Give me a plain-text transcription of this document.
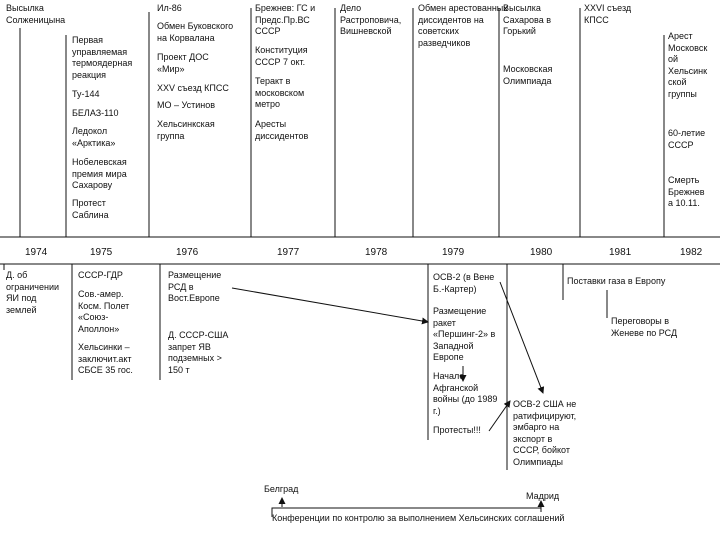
1974	1975	1976	1977	1978	1979	1980	1981	1982
Высылка
Солженицына
Первая
управляемая
термоядерная
реакция
Ту-144
БЕЛАЗ-110
Ледокол
«Арктика»
Нобелевская
премия мира
Сахарову
Протест
Саблина
Ил-86
Обмен Буковского
на Корвалана
Проект ДОС
«Мир»
XXV съезд КПСС
МО – Устинов
Хельсинкская
группа
Брежнев: ГС и
Предс.Пр.ВС
СССР
Конституция
СССР 7 окт.
Теракт в
московском
метро
Аресты
диссидентов
Дело
Растроповича,
Вишневской
Обмен арестованных
диссидентов на
советских
разведчиков
Высылка
Сахарова в
Горький
Московская
Олимпиада
XXVI съезд
КПСС
Арест
Московск
ой
Хельсинк
ской
группы
60-летие
СССР
Смерть
Брежнев
а 10.11.
Д. об
ограничении
ЯИ под
землей
СССР-ГДР
Сов.-амер.
Косм. Полет
«Союз-
Аполлон»
Хельсинки –
заключит.акт
СБСЕ 35 гос.
Размещение
РСД в
Вост.Европе
Д. СССР-США
запрет ЯВ
подземных >
150 т
ОСВ-2 (в Вене
Б.-Картер)
Размещение
ракет
«Першинг-2» в
Западной
Европе
Начало
Афганской
войны (до 1989
г.)
Протесты!!!
ОСВ-2 США не
ратифицируют,
эмбарго на
экспорт в
СССР, бойкот
Олимпиады
Поставки газа в Европу
Переговоры в
Женеве по РСД
Белград
Мадрид
Конференции по контролю за выполнением Хельсинских соглашений
